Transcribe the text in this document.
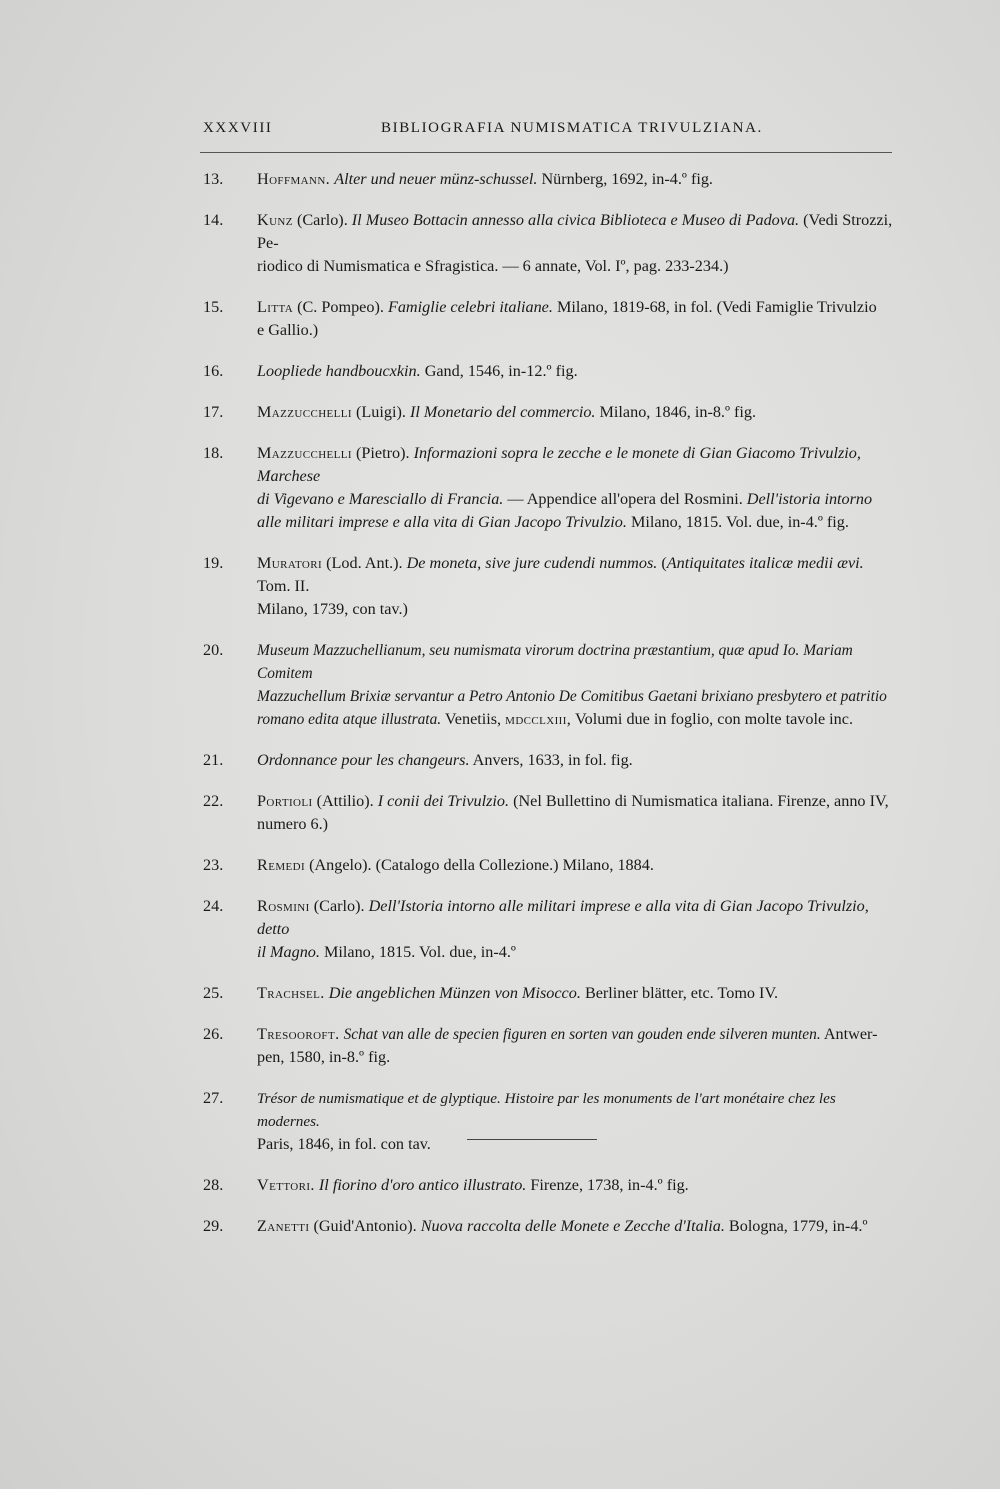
XXXVIII	BIBLIOGRAFIA NUMISMATICA TRIVULZIANA.
13.	Hoffmann. Alter und neuer münz-schussel. Nürnberg, 1692, in-4.º fig.
14.	Kunz (Carlo). Il Museo Bottacin annesso alla civica Biblioteca e Museo di Padova. (Vedi Strozzi, Pe-
riodico di Numismatica e Sfragistica. — 6 annate, Vol. Iº, pag. 233-234.)
15.	Litta (C. Pompeo). Famiglie celebri italiane. Milano, 1819-68, in fol. (Vedi Famiglie Trivulzio
e Gallio.)
16.	Loopliede handboucxkin. Gand, 1546, in-12.º fig.
17.	Mazzucchelli (Luigi). Il Monetario del commercio. Milano, 1846, in-8.º fig.
18.	Mazzucchelli (Pietro). Informazioni sopra le zecche e le monete di Gian Giacomo Trivulzio, Marchese
di Vigevano e Maresciallo di Francia. — Appendice all'opera del Rosmini. Dell'istoria intorno
alle militari imprese e alla vita di Gian Jacopo Trivulzio. Milano, 1815. Vol. due, in-4.º fig.
19.	Muratori (Lod. Ant.). De moneta, sive jure cudendi nummos. (Antiquitates italicæ medii ævi. Tom. II.
Milano, 1739, con tav.)
20.	Museum Mazzuchellianum, seu numismata virorum doctrina præstantium, quæ apud Io. Mariam Comitem
Mazzuchellum Brixiæ servantur a Petro Antonio De Comitibus Gaetani brixiano presbytero et patritio
romano edita atque illustrata. Venetiis, mdcclxiii, Volumi due in foglio, con molte tavole inc.
21.	Ordonnance pour les changeurs. Anvers, 1633, in fol. fig.
22.	Portioli (Attilio). I conii dei Trivulzio. (Nel Bullettino di Numismatica italiana. Firenze, anno IV,
numero 6.)
23.	Remedi (Angelo). (Catalogo della Collezione.) Milano, 1884.
24.	Rosmini (Carlo). Dell'Istoria intorno alle militari imprese e alla vita di Gian Jacopo Trivulzio, detto
il Magno. Milano, 1815. Vol. due, in-4.º
25.	Trachsel. Die angeblichen Münzen von Misocco. Berliner blätter, etc. Tomo IV.
26.	Tresooroft. Schat van alle de specien figuren en sorten van gouden ende silveren munten. Antwer-
pen, 1580, in-8.º fig.
27.	Trésor de numismatique et de glyptique. Histoire par les monuments de l'art monétaire chez les modernes.
Paris, 1846, in fol. con tav.
28.	Vettori. Il fiorino d'oro antico illustrato. Firenze, 1738, in-4.º fig.
29.	Zanetti (Guid'Antonio). Nuova raccolta delle Monete e Zecche d'Italia. Bologna, 1779, in-4.º
